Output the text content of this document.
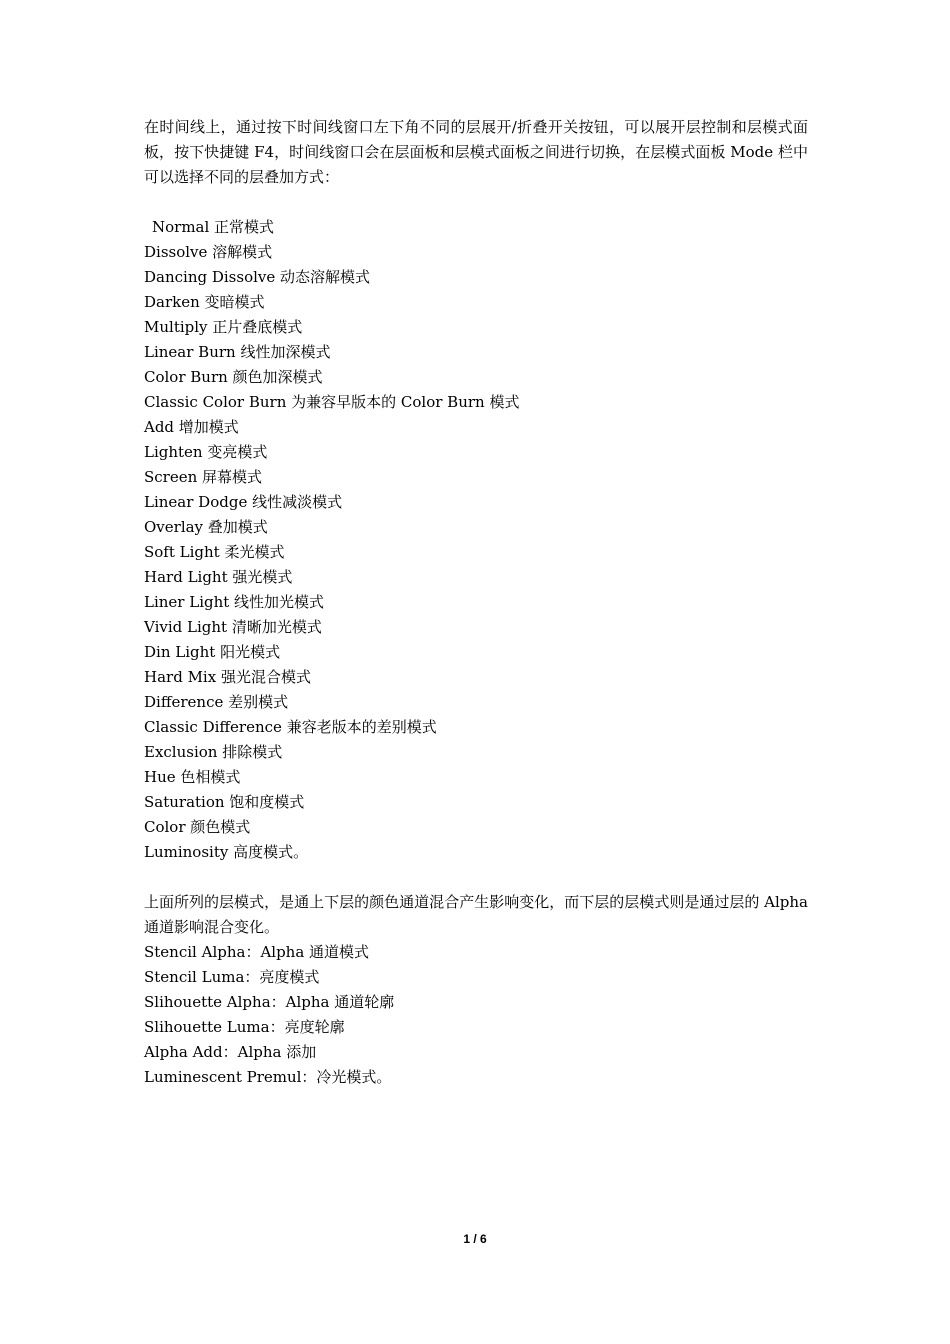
在时间线上，通过按下时间线窗口左下角不同的层展开/折叠开关按钮，可以展开层控制和层模式面板，按下快捷键 F4，时间线窗口会在层面板和层模式面板之间进行切换，在层模式面板 Mode 栏中可以选择不同的层叠加方式：

Normal 正常模式

Dissolve 溶解模式

Dancing Dissolve 动态溶解模式

Darken 变暗模式

Multiply 正片叠底模式

Linear Burn 线性加深模式

Color Burn 颜色加深模式

Classic Color Burn 为兼容早版本的 Color Burn 模式

Add 增加模式

Lighten 变亮模式

Screen 屏幕模式

Linear Dodge 线性减淡模式

Overlay 叠加模式

Soft Light 柔光模式

Hard Light 强光模式

Liner Light 线性加光模式

Vivid Light 清晰加光模式

Din Light 阳光模式

Hard Mix 强光混合模式

Difference 差别模式

Classic Difference 兼容老版本的差别模式

Exclusion 排除模式

Hue 色相模式

Saturation 饱和度模式

Color 颜色模式

Luminosity 高度模式。

上面所列的层模式，是通上下层的颜色通道混合产生影响变化，而下层的层模式则是通过层的 Alpha 通道影响混合变化。

Stencil Alpha：Alpha 通道模式

Stencil Luma：亮度模式

Slihouette Alpha：Alpha 通道轮廓

Slihouette Luma：亮度轮廓

Alpha Add：Alpha 添加

Luminescent Premul：冷光模式。

1 / 6
